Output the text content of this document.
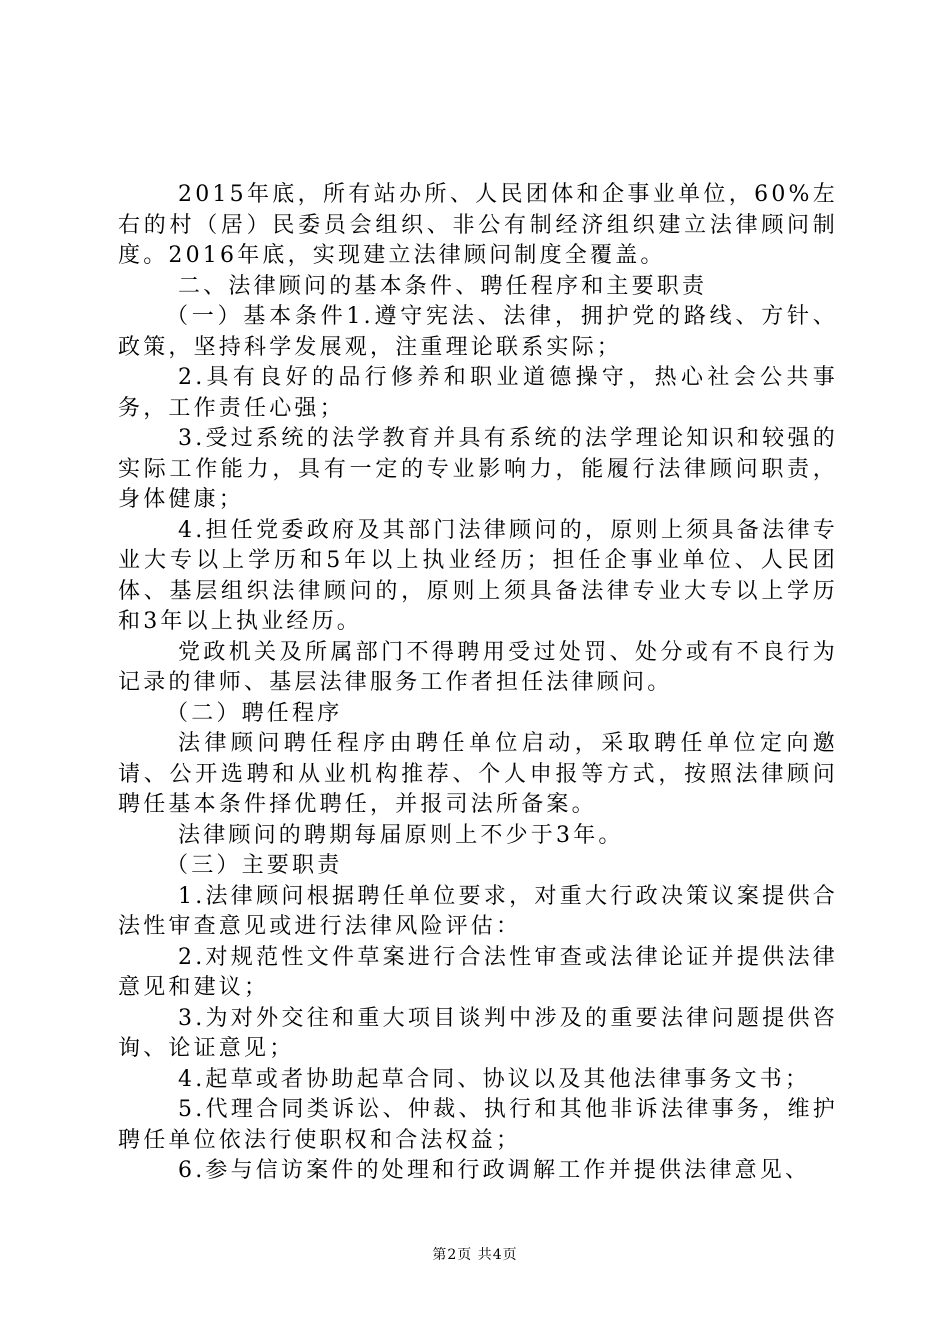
2015年底，所有站办所、人民团体和企事业单位，60%左右的村（居）民委员会组织、非公有制经济组织建立法律顾问制度。2016年底，实现建立法律顾问制度全覆盖。

二、法律顾问的基本条件、聘任程序和主要职责

（一）基本条件1.遵守宪法、法律，拥护党的路线、方针、政策，坚持科学发展观，注重理论联系实际；

2.具有良好的品行修养和职业道德操守，热心社会公共事务，工作责任心强；

3.受过系统的法学教育并具有系统的法学理论知识和较强的实际工作能力，具有一定的专业影响力，能履行法律顾问职责，身体健康；

4.担任党委政府及其部门法律顾问的，原则上须具备法律专业大专以上学历和5年以上执业经历；担任企事业单位、人民团体、基层组织法律顾问的，原则上须具备法律专业大专以上学历和3年以上执业经历。

党政机关及所属部门不得聘用受过处罚、处分或有不良行为记录的律师、基层法律服务工作者担任法律顾问。

（二）聘任程序

法律顾问聘任程序由聘任单位启动，采取聘任单位定向邀请、公开选聘和从业机构推荐、个人申报等方式，按照法律顾问聘任基本条件择优聘任，并报司法所备案。

法律顾问的聘期每届原则上不少于3年。

（三）主要职责

1.法律顾问根据聘任单位要求，对重大行政决策议案提供合法性审查意见或进行法律风险评估：

2.对规范性文件草案进行合法性审查或法律论证并提供法律意见和建议；

3.为对外交往和重大项目谈判中涉及的重要法律问题提供咨询、论证意见；

4.起草或者协助起草合同、协议以及其他法律事务文书；

5.代理合同类诉讼、仲裁、执行和其他非诉法律事务，维护聘任单位依法行使职权和合法权益；

6.参与信访案件的处理和行政调解工作并提供法律意见、

第2页 共4页
